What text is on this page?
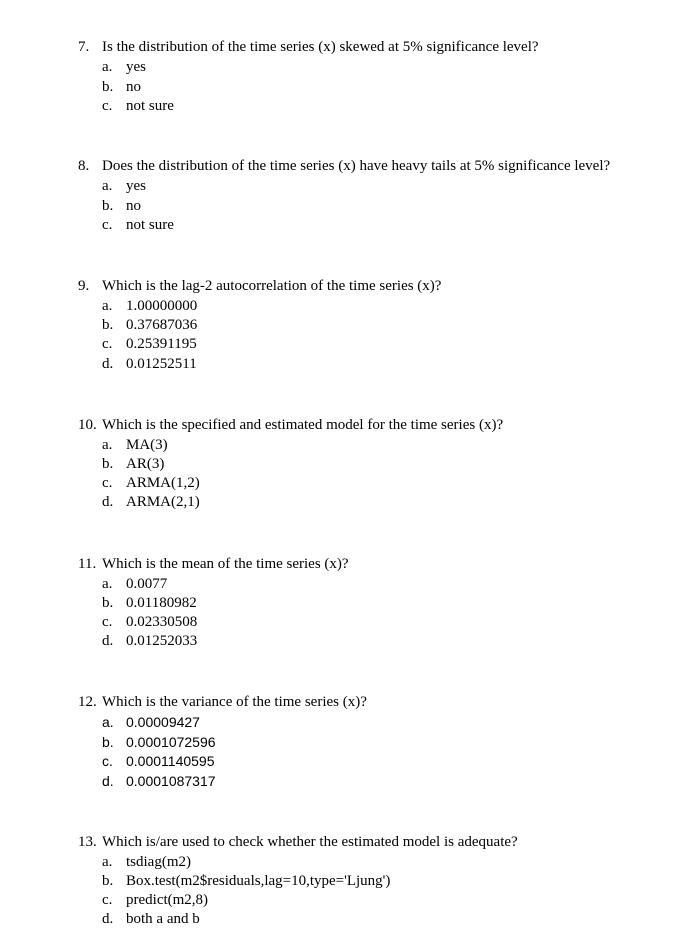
7. Is the distribution of the time series (x) skewed at 5% significance level?
a. yes
b. no
c. not sure
8. Does the distribution of the time series (x) have heavy tails at 5% significance level?
a. yes
b. no
c. not sure
9. Which is the lag-2 autocorrelation of the time series (x)?
a. 1.00000000
b. 0.37687036
c. 0.25391195
d. 0.01252511
10. Which is the specified and estimated model for the time series (x)?
a. MA(3)
b. AR(3)
c. ARMA(1,2)
d. ARMA(2,1)
11. Which is the mean of the time series (x)?
a. 0.0077
b. 0.01180982
c. 0.02330508
d. 0.01252033
12. Which is the variance of the time series (x)?
a. 0.00009427
b. 0.0001072596
c. 0.0001140595
d. 0.0001087317
13. Which is/are used to check whether the estimated model is adequate?
a. tsdiag(m2)
b. Box.test(m2$residuals,lag=10,type='Ljung')
c. predict(m2,8)
d. both a and b
